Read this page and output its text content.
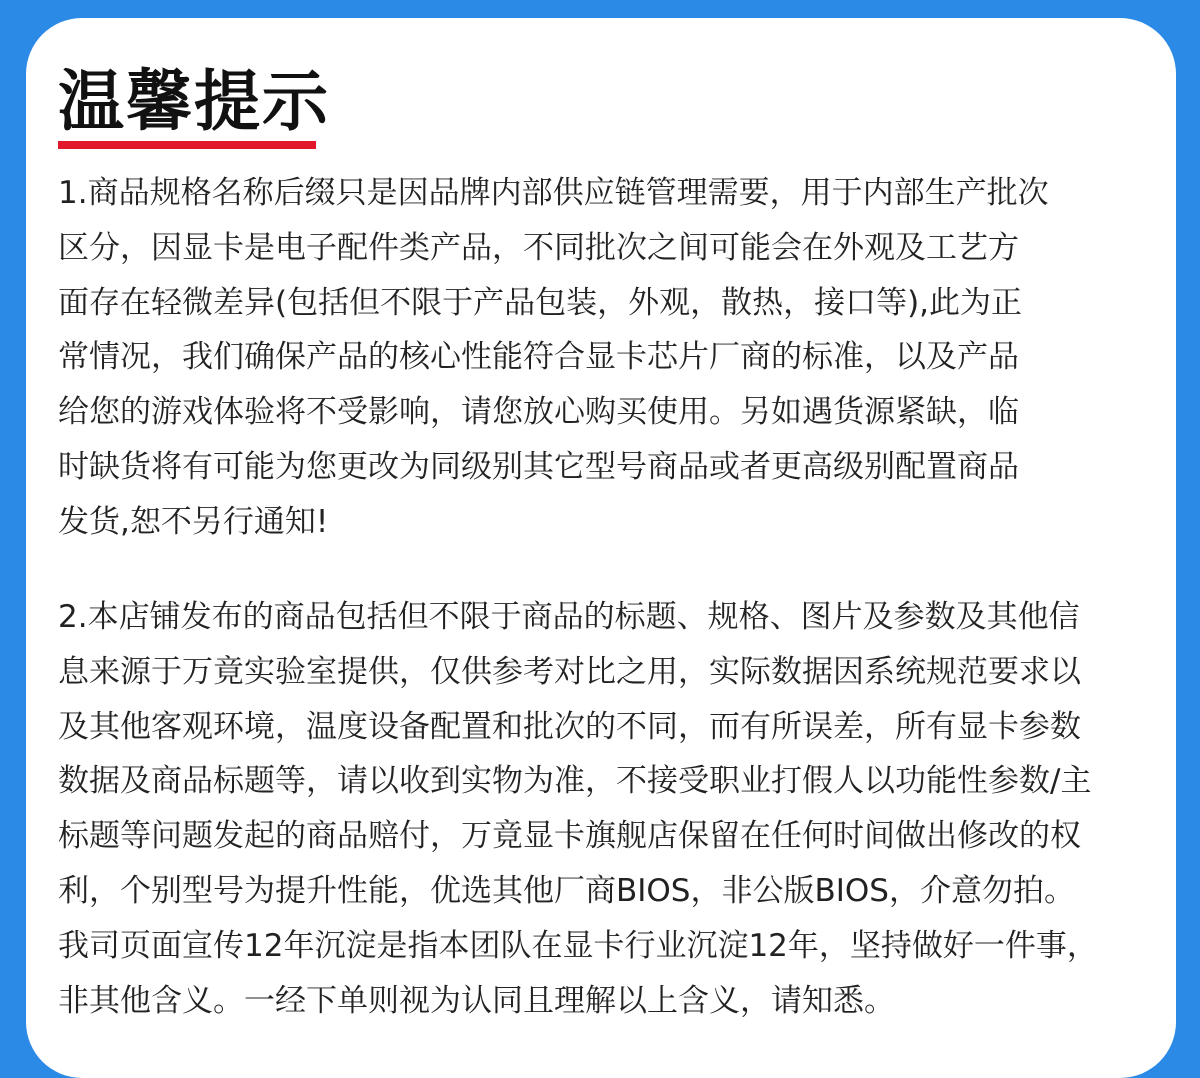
温馨提示

1.商品规格名称后缀只是因品牌内部供应链管理需要，用于内部生产批次
区分，因显卡是电子配件类产品，不同批次之间可能会在外观及工艺方
面存在轻微差异(包括但不限于产品包装，外观，散热，接口等),此为正
常情况，我们确保产品的核心性能符合显卡芯片厂商的标准，以及产品
给您的游戏体验将不受影响，请您放心购买使用。另如遇货源紧缺，临
时缺货将有可能为您更改为同级别其它型号商品或者更高级别配置商品
发货,恕不另行通知!

2.本店铺发布的商品包括但不限于商品的标题、规格、图片及参数及其他信
息来源于万竟实验室提供，仅供参考对比之用，实际数据因系统规范要求以
及其他客观环境，温度设备配置和批次的不同，而有所误差，所有显卡参数
数据及商品标题等，请以收到实物为准，不接受职业打假人以功能性参数/主
标题等问题发起的商品赔付，万竟显卡旗舰店保留在任何时间做出修改的权
利，个别型号为提升性能，优选其他厂商BIOS，非公版BIOS，介意勿拍。
我司页面宣传12年沉淀是指本团队在显卡行业沉淀12年，坚持做好一件事，
非其他含义。一经下单则视为认同且理解以上含义，请知悉。
